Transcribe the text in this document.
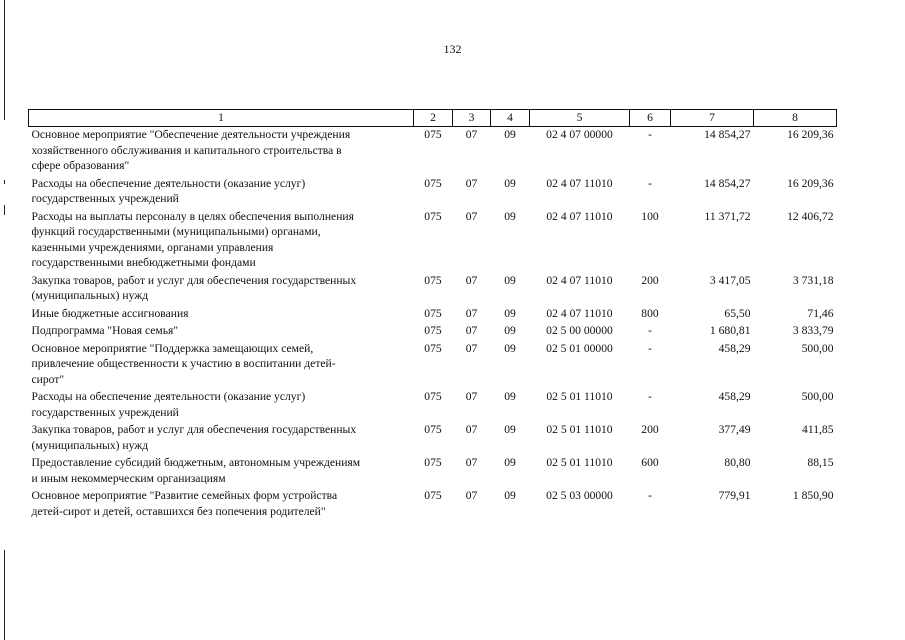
132
1	2	3	4	5	6	7	8

Основное мероприятие "Обеспечение деятельности учреждения
хозяйственного обслуживания и капитального строительства в
сфере образования"	075	07	09	02 4 07 00000	-	14 854,27	16 209,36

Расходы на обеспечение деятельности (оказание услуг)
государственных учреждений	075	07	09	02 4 07 11010	-	14 854,27	16 209,36

Расходы на выплаты персоналу в целях обеспечения выполнения
функций государственными (муниципальными) органами,
казенными учреждениями, органами управления
государственными внебюджетными фондами	075	07	09	02 4 07 11010	100	11 371,72	12 406,72

Закупка товаров, работ и услуг для обеспечения государственных
(муниципальных) нужд	075	07	09	02 4 07 11010	200	3 417,05	3 731,18

Иные бюджетные ассигнования	075	07	09	02 4 07 11010	800	65,50	71,46

Подпрограмма "Новая семья"	075	07	09	02 5 00 00000	-	1 680,81	3 833,79

Основное мероприятие "Поддержка замещающих семей,
привлечение общественности к участию в воспитании детей-
сирот"	075	07	09	02 5 01 00000	-	458,29	500,00

Расходы на обеспечение деятельности (оказание услуг)
государственных учреждений	075	07	09	02 5 01 11010	-	458,29	500,00

Закупка товаров, работ и услуг для обеспечения государственных
(муниципальных) нужд	075	07	09	02 5 01 11010	200	377,49	411,85

Предоставление субсидий бюджетным, автономным учреждениям
и иным некоммерческим организациям	075	07	09	02 5 01 11010	600	80,80	88,15

Основное мероприятие "Развитие семейных форм устройства
детей-сирот и детей, оставшихся без попечения родителей"	075	07	09	02 5 03 00000	-	779,91	1 850,90
